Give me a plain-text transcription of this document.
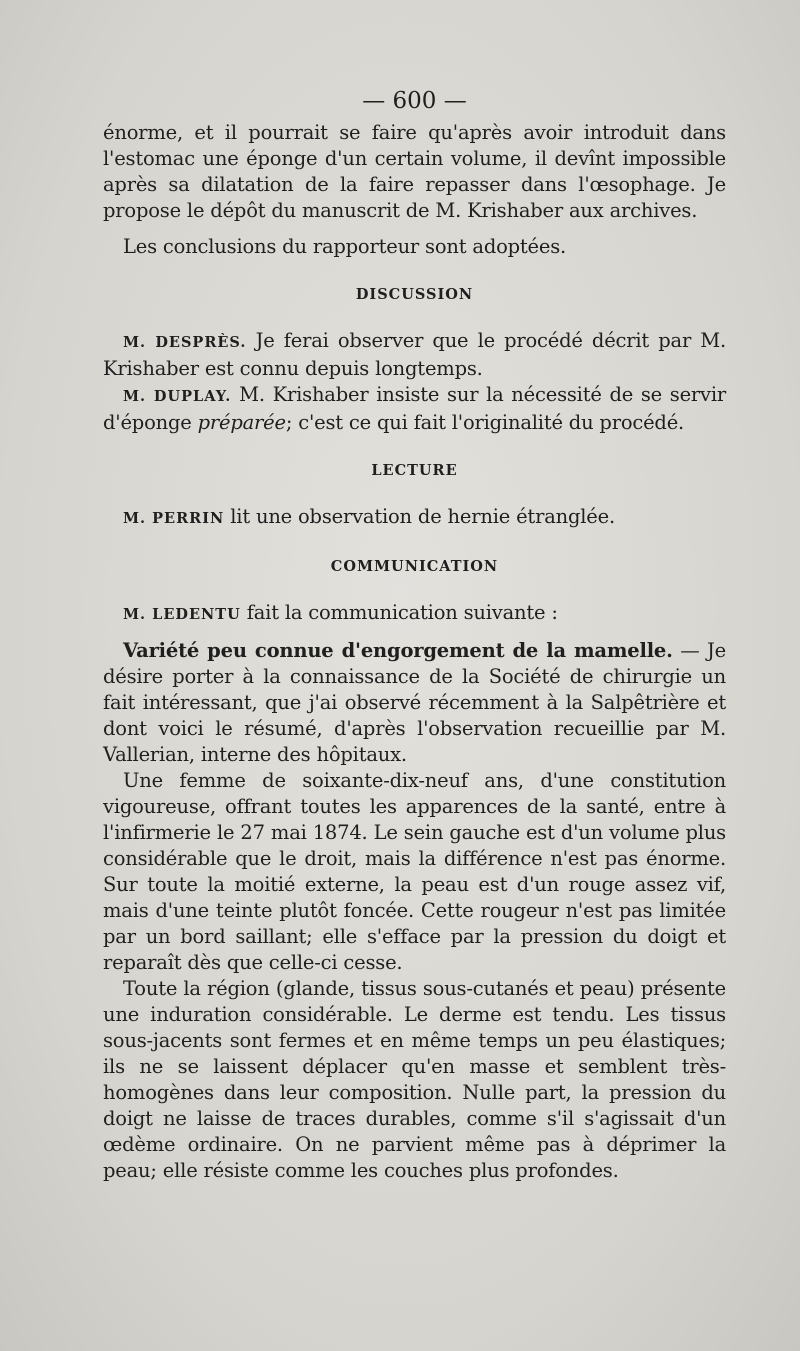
— 600 —

énorme, et il pourrait se faire qu'après avoir introduit dans l'estomac une éponge d'un certain volume, il devînt impossible après sa dilatation de la faire repasser dans l'œsophage. Je propose le dépôt du manuscrit de M. Krishaber aux archives.

Les conclusions du rapporteur sont adoptées.

DISCUSSION

M. DESPRÈS. Je ferai observer que le procédé décrit par M. Krishaber est connu depuis longtemps.

M. DUPLAY. M. Krishaber insiste sur la nécessité de se servir d'éponge préparée; c'est ce qui fait l'originalité du procédé.

LECTURE

M. PERRIN lit une observation de hernie étranglée.

COMMUNICATION

M. LEDENTU fait la communication suivante :

Variété peu connue d'engorgement de la mamelle. — Je désire porter à la connaissance de la Société de chirurgie un fait intéressant, que j'ai observé récemment à la Salpêtrière et dont voici le résumé, d'après l'observation recueillie par M. Vallerian, interne des hôpitaux.

Une femme de soixante-dix-neuf ans, d'une constitution vigoureuse, offrant toutes les apparences de la santé, entre à l'infirmerie le 27 mai 1874. Le sein gauche est d'un volume plus considérable que le droit, mais la différence n'est pas énorme. Sur toute la moitié externe, la peau est d'un rouge assez vif, mais d'une teinte plutôt foncée. Cette rougeur n'est pas limitée par un bord saillant; elle s'efface par la pression du doigt et reparaît dès que celle-ci cesse.

Toute la région (glande, tissus sous-cutanés et peau) présente une induration considérable. Le derme est tendu. Les tissus sous-jacents sont fermes et en même temps un peu élastiques; ils ne se laissent déplacer qu'en masse et semblent très-homogènes dans leur composition. Nulle part, la pression du doigt ne laisse de traces durables, comme s'il s'agissait d'un œdème ordinaire. On ne parvient même pas à déprimer la peau; elle résiste comme les couches plus profondes.
